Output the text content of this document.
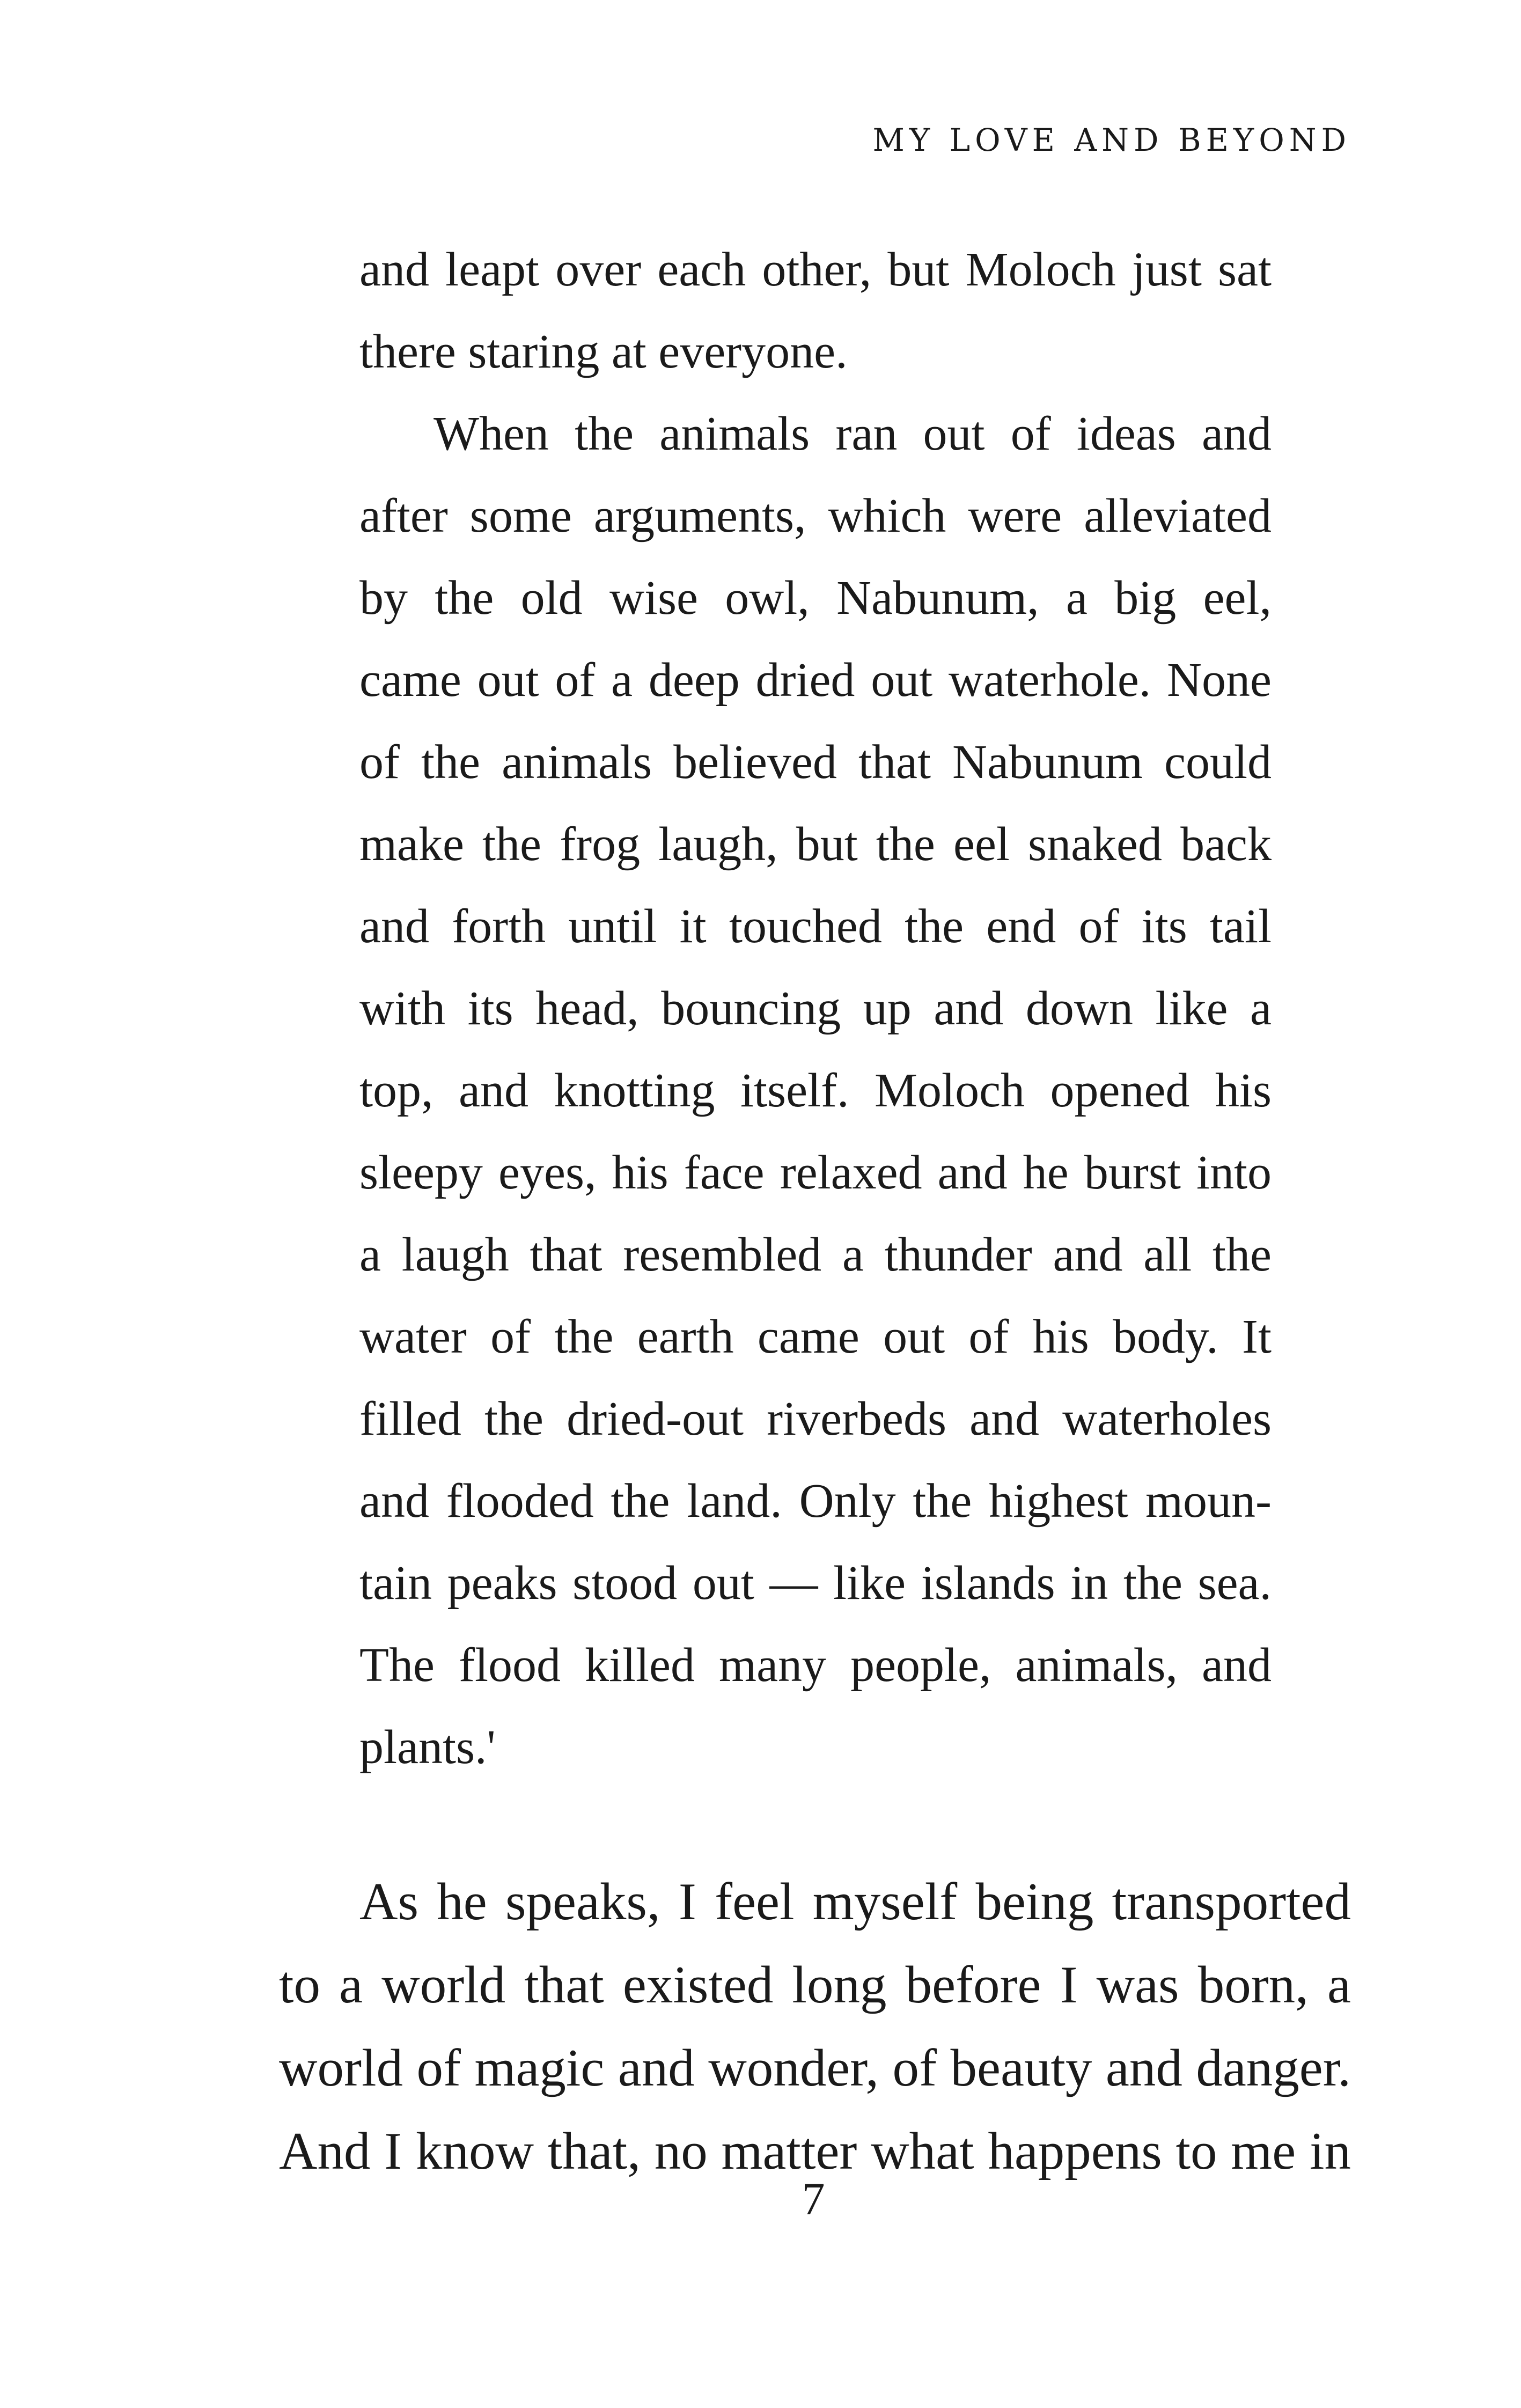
MY LOVE AND BEYOND

and leapt over each other, but Moloch just sat

there staring at everyone.

When the animals ran out of ideas and

after some arguments, which were alleviated

by the old wise owl, Nabunum, a big eel,

came out of a deep dried out waterhole. None

of the animals believed that Nabunum could

make the frog laugh, but the eel snaked back

and forth until it touched the end of its tail

with its head, bouncing up and down like a

top, and knotting itself. Moloch opened his

sleepy eyes, his face relaxed and he burst into

a laugh that resembled a thunder and all the

water of the earth came out of his body. It

filled the dried-out riverbeds and waterholes

and flooded the land. Only the highest moun-

tain peaks stood out — like islands in the sea.

The flood killed many people, animals, and

plants.'

As he speaks, I feel myself being transported

to a world that existed long before I was born, a

world of magic and wonder, of beauty and danger.

And I know that, no matter what happens to me in

7
